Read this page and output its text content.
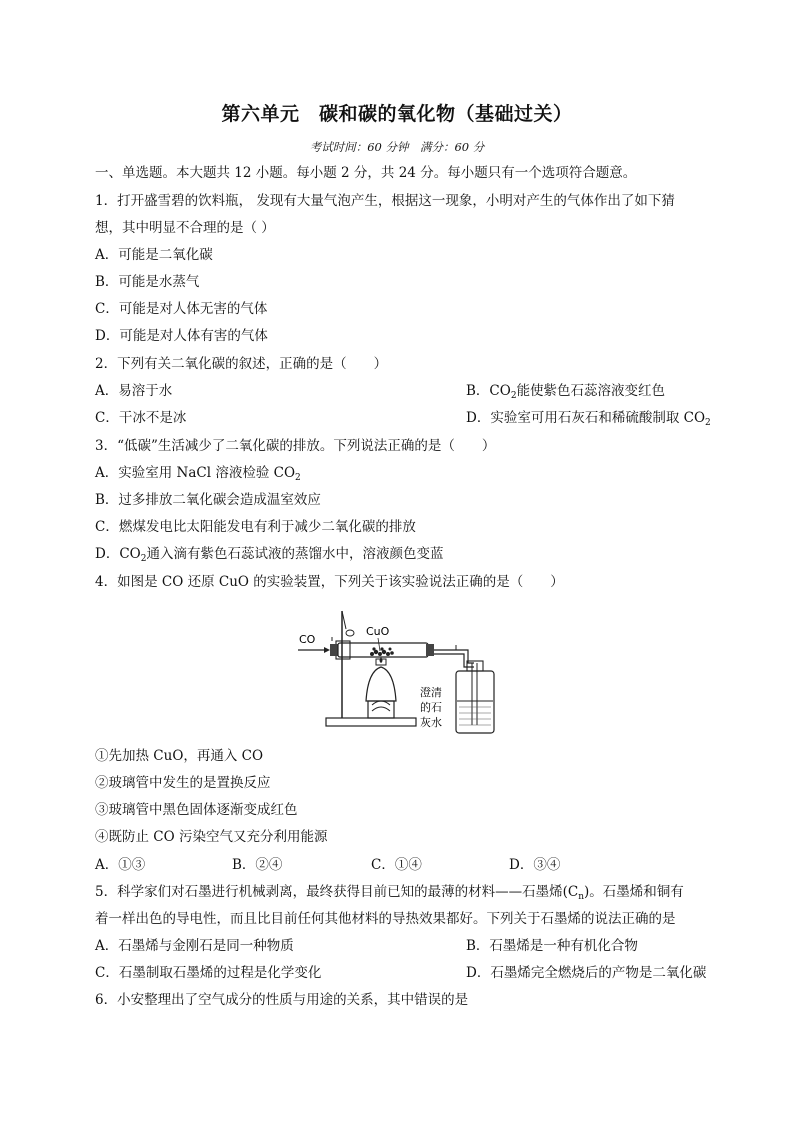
第六单元　碳和碳的氧化物（基础过关）
考试时间：60 分钟　满分：60 分
一、单选题。本大题共 12 小题。每小题 2 分，共 24 分。每小题只有一个选项符合题意。
1．打开盛雪碧的饮料瓶， 发现有大量气泡产生，根据这一现象，小明对产生的气体作出了如下猜
想，其中明显不合理的是（ ）
A．可能是二氧化碳
B．可能是水蒸气
C．可能是对人体无害的气体
D．可能是对人体有害的气体
2．下列有关二氧化碳的叙述，正确的是（　　）
A．易溶于水	B．$CO_2$能使紫色石蕊溶液变红色
C．干冰不是冰	D．实验室可用石灰石和稀硫酸制取 $CO_2$
3．“低碳”生活减少了二氧化碳的排放。下列说法正确的是（　　）
A．实验室用 NaCl 溶液检验 $CO_2$
B．过多排放二氧化碳会造成温室效应
C．燃煤发电比太阳能发电有利于减少二氧化碳的排放
D．$CO_2$通入滴有紫色石蕊试液的蒸馏水中，溶液颜色变蓝
4．如图是 CO 还原 CuO 的实验装置，下列关于该实验说法正确的是（　　）
CO
CuO
澄清
的石
灰水
①先加热 CuO，再通入 CO
②玻璃管中发生的是置换反应
③玻璃管中黑色固体逐渐变成红色
④既防止 CO 污染空气又充分利用能源
A．①③	B．②④	C．①④	D．③④
5．科学家们对石墨进行机械剥离，最终获得目前已知的最薄的材料——石墨烯$(C_n)$。石墨烯和铜有
着一样出色的导电性，而且比目前任何其他材料的导热效果都好。下列关于石墨烯的说法正确的是
A．石墨烯与金刚石是同一种物质	B．石墨烯是一种有机化合物
C．石墨制取石墨烯的过程是化学变化	D．石墨烯完全燃烧后的产物是二氧化碳
6．小安整理出了空气成分的性质与用途的关系，其中错误的是
